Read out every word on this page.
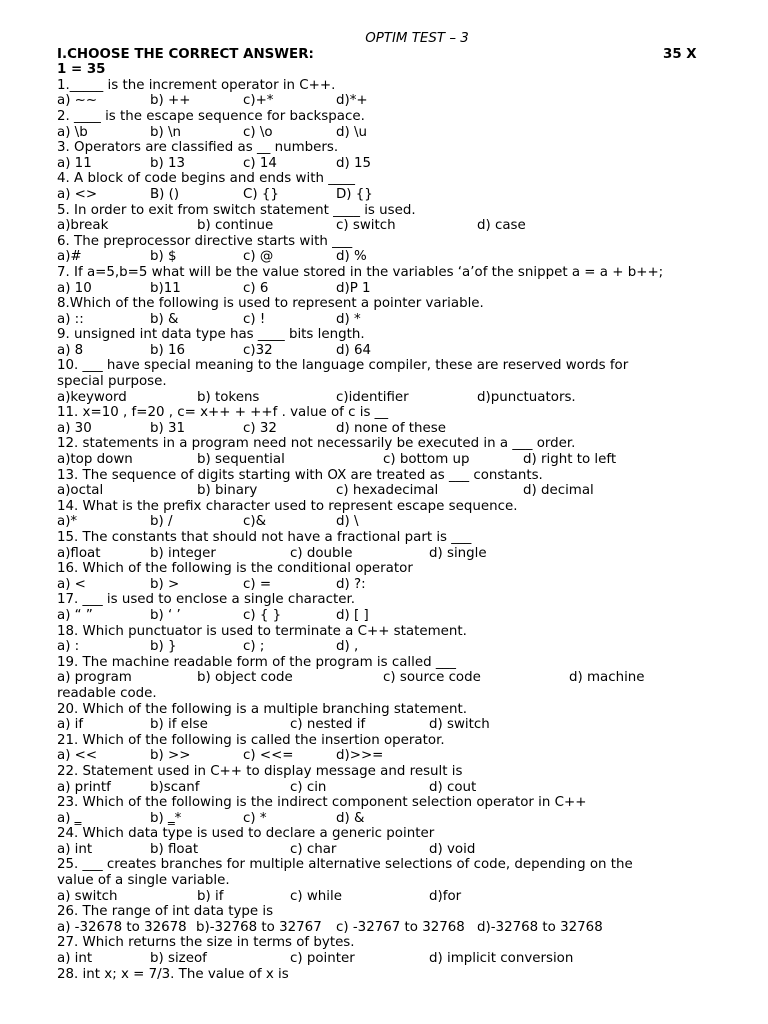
OPTIM TEST – 3
I.CHOOSE THE CORRECT ANSWER:	35 X
1 = 35
1._____ is the increment operator in C++.
a) ~~	b) ++	c)+*	d)*+
2. ____ is the escape sequence for backspace.
a) \b	b) \n	c) \o	d) \u
3. Operators are classified as __ numbers.
a) 11	b) 13	c) 14	d) 15
4. A block of code begins and ends with ____
a) <>	B) ()	C) {}	D) {}
5. In order to exit from switch statement ____ is used.
a)break	b) continue	c) switch	d) case
6. The preprocessor directive starts with ___
a)#	b) $	c) @	d) %
7. If a=5,b=5 what will be the value stored in the variables ‘a’of the snippet a = a + b++;
a) 10	b)11	c) 6	d)P 1
8.Which of the following is used to represent a pointer variable.
a) ::	b) &	c) !	d) *
9. unsigned int data type has ____ bits length.
a) 8	b) 16	c)32	d) 64
10. ___ have special meaning to the language compiler, these are reserved words for
special purpose.
a)keyword	b) tokens	c)identifier	d)punctuators.
11. x=10 , f=20 , c= x++ + ++f . value of c is __
a) 30	b) 31	c) 32	d) none of these
12. statements in a program need not necessarily be executed in a ___ order.
a)top down	b) sequential	c) bottom up	d) right to left
13. The sequence of digits starting with OX are treated as ___ constants.
a)octal	b) binary	c) hexadecimal	d) decimal
14. What is the prefix character used to represent escape sequence.
a)*	b) /	c)&	d) \
15. The constants that should not have a fractional part is ___
a)float	b) integer	c) double	d) single
16. Which of the following is the conditional operator
a) <	b) >	c) =	d) ?:
17. ___ is used to enclose a single character.
a) “ ”	b) ‘ ’	c) { }	d) [ ]
18. Which punctuator is used to terminate a C++ statement.
a) :	b) }	c) ;	d) ,
19. The machine readable form of the program is called ___
a) program	b) object code	c) source code	d) machine
readable code.
20. Which of the following is a multiple branching statement.
a) if	b) if else	c) nested if	d) switch
21. Which of the following is called the insertion operator.
a) <<	b) >>	c) <<=	d)>>=
22. Statement used in C++ to display message and result is
a) printf	b)scanf	c) cin	d) cout
23. Which of the following is the indirect component selection operator in C++
a) ‗	b) ‗*	c) *	d) &
24. Which data type is used to declare a generic pointer
a) int	b) float	c) char	d) void
25. ___ creates branches for multiple alternative selections of code, depending on the
value of a single variable.
a) switch	b) if	c) while	d)for
26. The range of int data type is
a) -32678 to 32678 b)-32768 to 32767 c) -32767 to 32768 d)-32768 to 32768
27. Which returns the size in terms of bytes.
a) int	b) sizeof	c) pointer	d) implicit conversion
28. int x; x = 7/3. The value of x is
